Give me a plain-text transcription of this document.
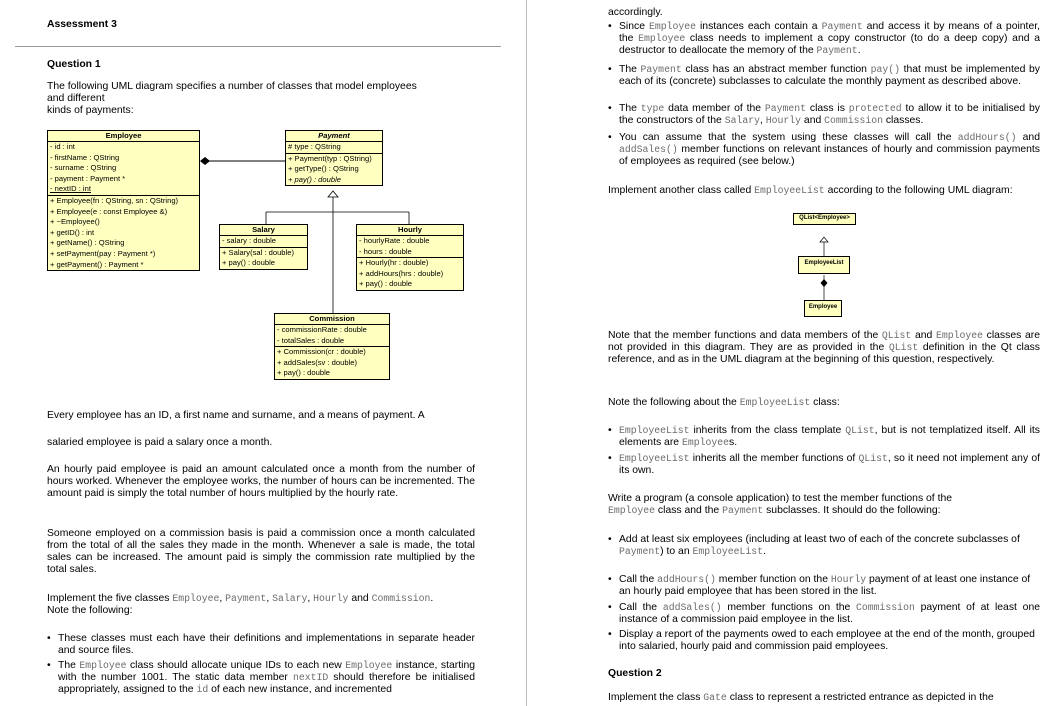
Assessment 3
Question 1
The following UML diagram specifies a number of classes that model employees
and different
kinds of payments:
Employee
- id : int
- firstName : QString
- surname : QString
- payment : Payment *
- nextID : int
+ Employee(fn : QString, sn : QString)
+ Employee(e : const Employee &)
+ ~Employee()
+ getID() : int
+ getName() : QString
+ setPayment(pay : Payment *)
+ getPayment() : Payment *
Payment
# type : QString
+ Payment(typ : QString)
+ getType() : QString
+ pay() : double
Salary
- salary : double
+ Salary(sal : double)
+ pay() : double
Hourly
- hourlyRate : double
- hours : double
+ Hourly(hr : double)
+ addHours(hrs : double)
+ pay() : double
Commission
- commissionRate : double
- totalSales : double
+ Commission(cr : double)
+ addSales(sv : double)
+ pay() : double
Every employee has an ID, a first name and surname, and a means of payment. A
salaried employee is paid a salary once a month.
An hourly paid employee is paid an amount calculated once a month from the number of hours worked. Whenever the employee works, the number of hours can be incremented. The amount paid is simply the total number of hours multiplied by the hourly rate.
Someone employed on a commission basis is paid a commission once a month calculated from the total of all the sales they made in the month. Whenever a sale is made, the total sales can be increased. The amount paid is simply the commission rate multiplied by the total sales.
Implement the five classes Employee, Payment, Salary, Hourly and Commission.
Note the following:
• These classes must each have their definitions and implementations in separate header and source files.
• The Employee class should allocate unique IDs to each new Employee instance, starting with the number 1001. The static data member nextID should therefore be initialised appropriately, assigned to the id of each new instance, and incremented
accordingly.
• Since Employee instances each contain a Payment and access it by means of a pointer, the Employee class needs to implement a copy constructor (to do a deep copy) and a destructor to deallocate the memory of the Payment.
• The Payment class has an abstract member function pay() that must be implemented by each of its (concrete) subclasses to calculate the monthly payment as described above.
• The type data member of the Payment class is protected to allow it to be initialised by the constructors of the Salary, Hourly and Commission classes.
• You can assume that the system using these classes will call the addHours() and addSales() member functions on relevant instances of hourly and commission payments of employees as required (see below.)
Implement another class called EmployeeList according to the following UML diagram:
QList<Employee>
EmployeeList
Employee
Note that the member functions and data members of the QList and Employee classes are not provided in this diagram. They are as provided in the QList definition in the Qt class reference, and as in the UML diagram at the beginning of this question, respectively.
Note the following about the EmployeeList class:
• EmployeeList inherits from the class template QList, but is not templatized itself. All its elements are Employees.
• EmployeeList inherits all the member functions of QList, so it need not implement any of its own.
Write a program (a console application) to test the member functions of the
Employee class and the Payment subclasses. It should do the following:
• Add at least six employees (including at least two of each of the concrete subclasses of
Payment) to an EmployeeList.
• Call the addHours() member function on the Hourly payment of at least one instance of an hourly paid employee that has been stored in the list.
• Call the addSales() member functions on the Commission payment of at least one instance of a commission paid employee in the list.
• Display a report of the payments owed to each employee at the end of the month, grouped into salaried, hourly paid and commission paid employees.
Question 2
Implement the class Gate class to represent a restricted entrance as depicted in the
